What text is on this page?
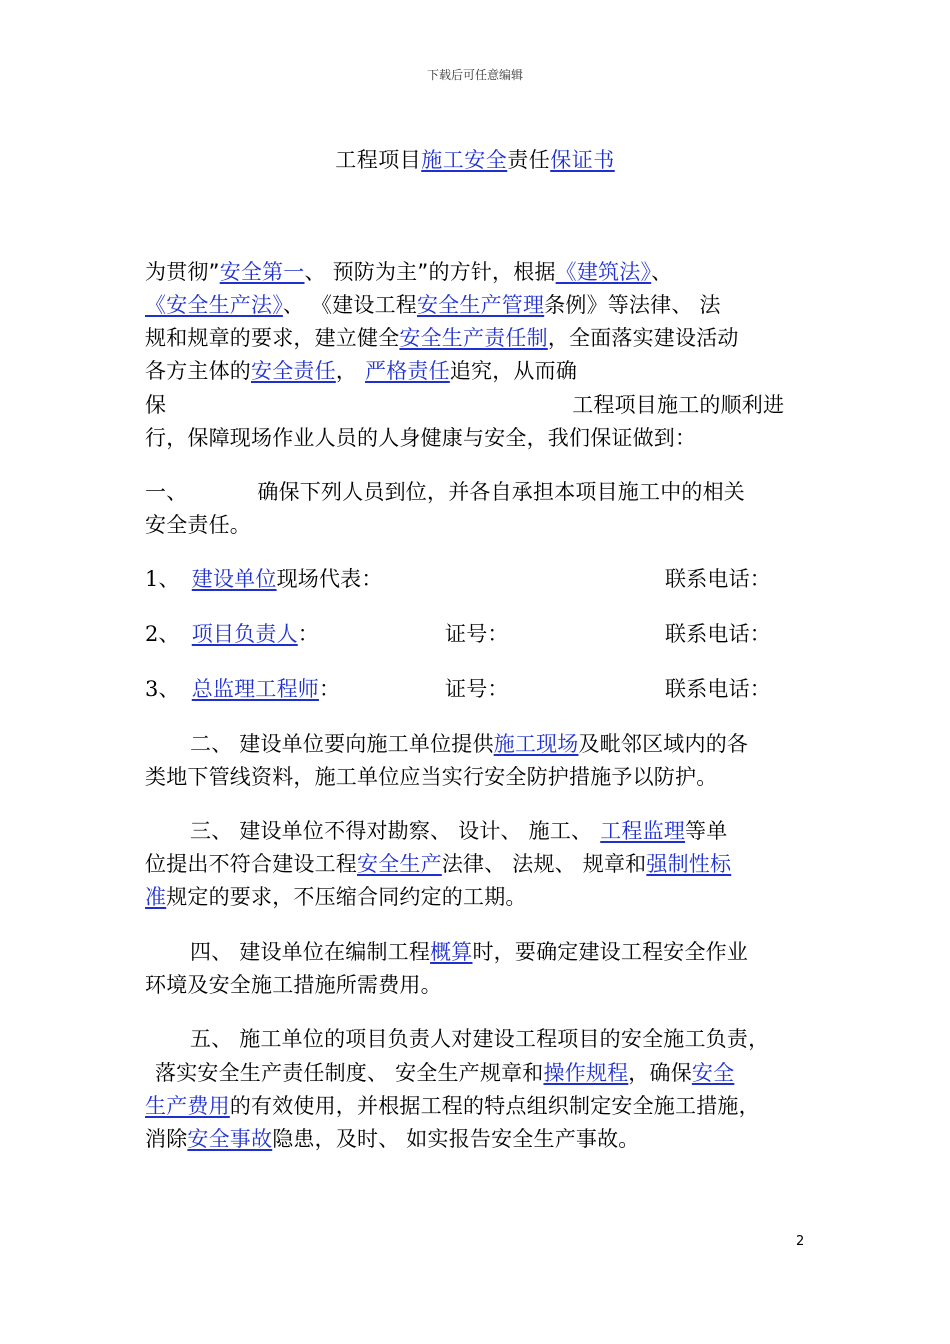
下载后可任意编辑
工程项目施工安全责任保证书
为贯彻”安全第一、 预防为主”的方针，根据《建筑法》、
《安全生产法》、 《建设工程安全生产管理条例》等法律、 法
规和规章的要求，建立健全安全生产责任制，全面落实建设活动
各方主体的安全责任， 严格责任追究，从而确
保	工程项目施工的顺利进
行，保障现场作业人员的人身健康与安全，我们保证做到：
一、	确保下列人员到位，并各自承担本项目施工中的相关
安全责任。
1、 建设单位现场代表：	联系电话：
2、 项目负责人：	证号：	联系电话：
3、 总监理工程师：	证号：	联系电话：
二、 建设单位要向施工单位提供施工现场及毗邻区域内的各
类地下管线资料，施工单位应当实行安全防护措施予以防护。
三、 建设单位不得对勘察、 设计、 施工、 工程监理等单
位提出不符合建设工程安全生产法律、 法规、 规章和强制性标
准规定的要求，不压缩合同约定的工期。
四、 建设单位在编制工程概算时，要确定建设工程安全作业
环境及安全施工措施所需费用。
五、 施工单位的项目负责人对建设工程项目的安全施工负责，
落实安全生产责任制度、 安全生产规章和操作规程，确保安全
生产费用的有效使用，并根据工程的特点组织制定安全施工措施，
消除安全事故隐患，及时、 如实报告安全生产事故。
2
